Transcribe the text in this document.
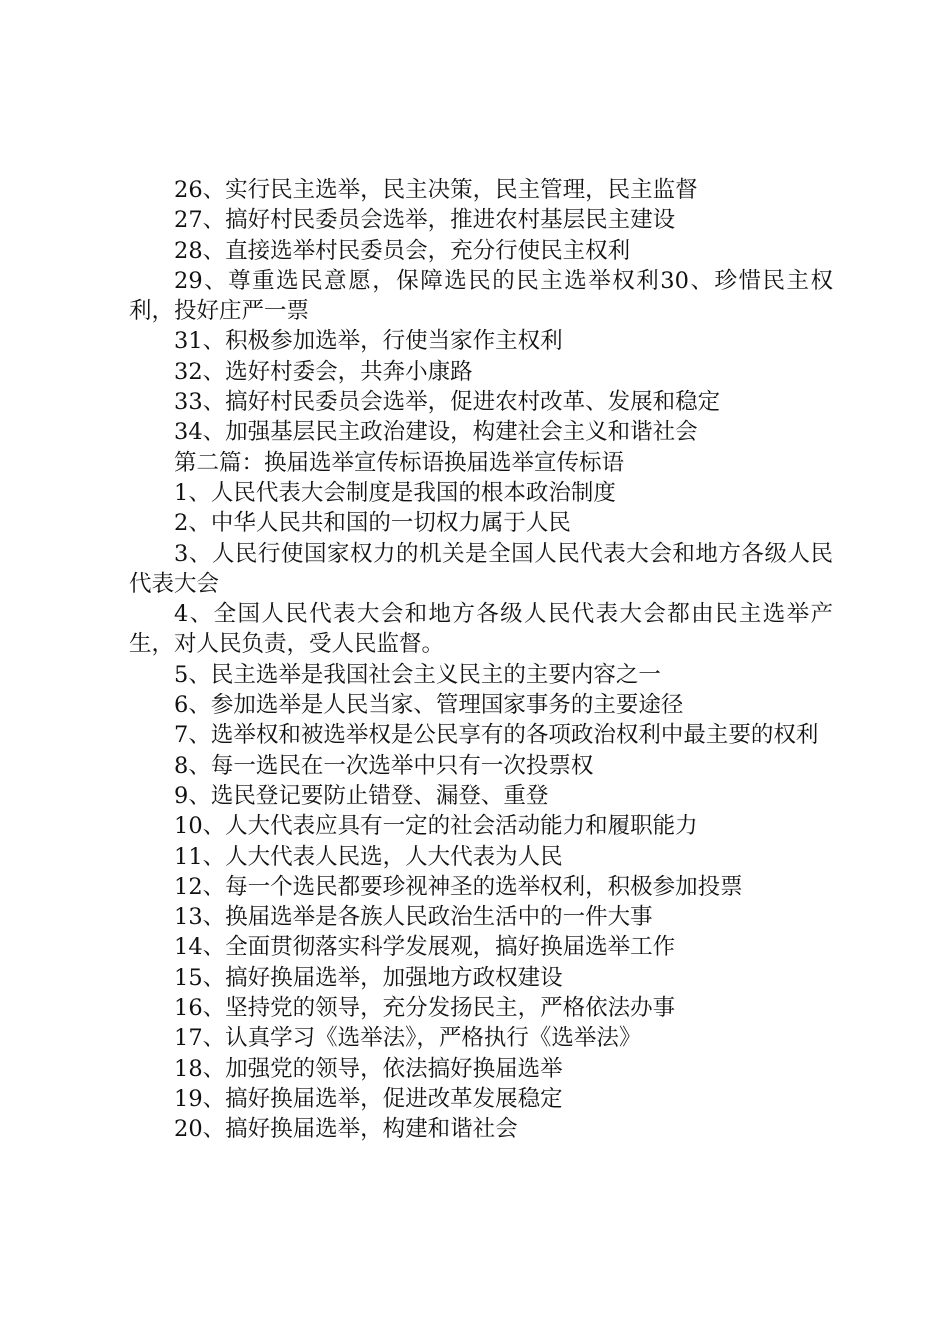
26、实行民主选举，民主决策，民主管理，民主监督

27、搞好村民委员会选举，推进农村基层民主建设

28、直接选举村民委员会，充分行使民主权利

29、尊重选民意愿，保障选民的民主选举权利30、珍惜民主权利，投好庄严一票

31、积极参加选举，行使当家作主权利

32、选好村委会，共奔小康路

33、搞好村民委员会选举，促进农村改革、发展和稳定

34、加强基层民主政治建设，构建社会主义和谐社会

第二篇：换届选举宣传标语换届选举宣传标语

1、人民代表大会制度是我国的根本政治制度

2、中华人民共和国的一切权力属于人民

3、人民行使国家权力的机关是全国人民代表大会和地方各级人民代表大会

4、全国人民代表大会和地方各级人民代表大会都由民主选举产生，对人民负责，受人民监督。

5、民主选举是我国社会主义民主的主要内容之一

6、参加选举是人民当家、管理国家事务的主要途径

7、选举权和被选举权是公民享有的各项政治权利中最主要的权利

8、每一选民在一次选举中只有一次投票权

9、选民登记要防止错登、漏登、重登

10、人大代表应具有一定的社会活动能力和履职能力

11、人大代表人民选，人大代表为人民

12、每一个选民都要珍视神圣的选举权利，积极参加投票

13、换届选举是各族人民政治生活中的一件大事

14、全面贯彻落实科学发展观，搞好换届选举工作

15、搞好换届选举，加强地方政权建设

16、坚持党的领导，充分发扬民主，严格依法办事

17、认真学习《选举法》，严格执行《选举法》

18、加强党的领导，依法搞好换届选举

19、搞好换届选举，促进改革发展稳定

20、搞好换届选举，构建和谐社会
